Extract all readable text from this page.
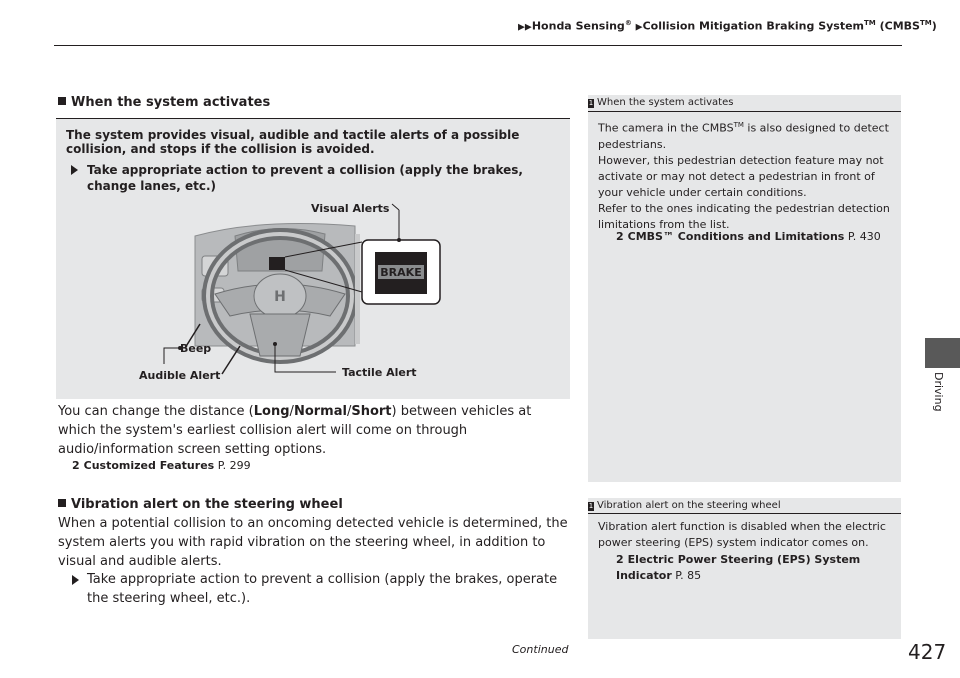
▶▶Honda Sensing® ▶Collision Mitigation Braking System™ (CMBS™)
Driving
When the system activates
The system provides visual, audible and tactile alerts of a possible collision, and stops if the collision is avoided.
Take appropriate action to prevent a collision (apply the brakes, change lanes, etc.)
H
BRAKE
Visual Alerts
Beep
Audible Alert	Tactile Alert
You can change the distance (Long/Normal/Short) between vehicles at which the system's earliest collision alert will come on through audio/information screen setting options.
2 Customized Features P. 299
Vibration alert on the steering wheel
When a potential collision to an oncoming detected vehicle is determined, the system alerts you with rapid vibration on the steering wheel, in addition to visual and audible alerts.
Take appropriate action to prevent a collision (apply the brakes, operate the steering wheel, etc.).
1 When the system activates
The camera in the CMBS™ is also designed to detect pedestrians.
However, this pedestrian detection feature may not activate or may not detect a pedestrian in front of your vehicle under certain conditions.
Refer to the ones indicating the pedestrian detection limitations from the list.
2 CMBS™ Conditions and Limitations P. 430
1 Vibration alert on the steering wheel
Vibration alert function is disabled when the electric power steering (EPS) system indicator comes on.
2 Electric Power Steering (EPS) System Indicator P. 85
Continued	427
